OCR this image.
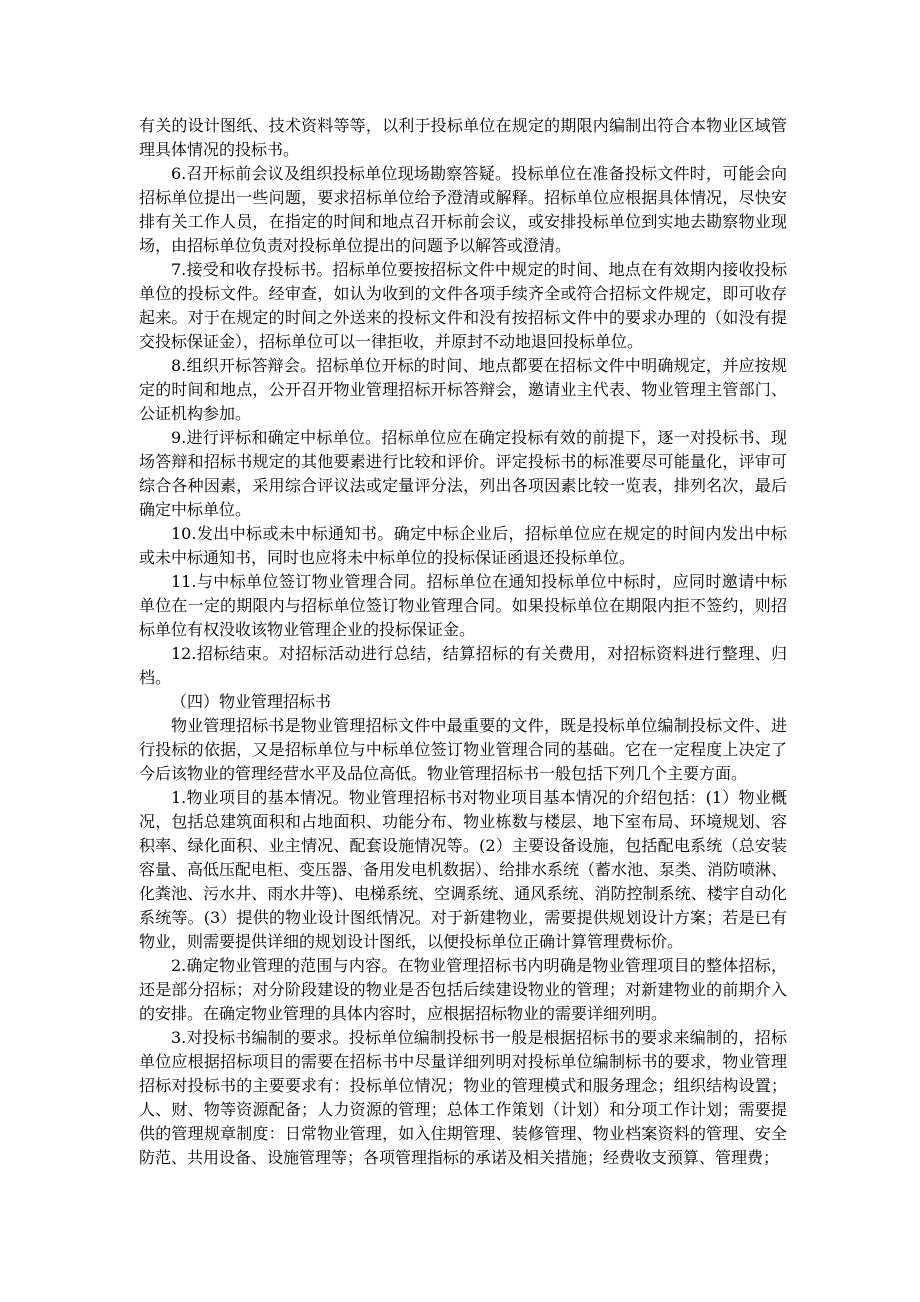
有关的设计图纸、技术资料等等，以利于投标单位在规定的期限内编制出符合本物业区域管理具体情况的投标书。

6.召开标前会议及组织投标单位现场勘察答疑。投标单位在准备投标文件时，可能会向招标单位提出一些问题，要求招标单位给予澄清或解释。招标单位应根据具体情况，尽快安排有关工作人员，在指定的时间和地点召开标前会议，或安排投标单位到实地去勘察物业现场，由招标单位负责对投标单位提出的问题予以解答或澄清。

7.接受和收存投标书。招标单位要按招标文件中规定的时间、地点在有效期内接收投标单位的投标文件。经审查，如认为收到的文件各项手续齐全或符合招标文件规定，即可收存起来。对于在规定的时间之外送来的投标文件和没有按招标文件中的要求办理的（如没有提交投标保证金），招标单位可以一律拒收，并原封不动地退回投标单位。

8.组织开标答辩会。招标单位开标的时间、地点都要在招标文件中明确规定，并应按规定的时间和地点，公开召开物业管理招标开标答辩会，邀请业主代表、物业管理主管部门、公证机构参加。

9.进行评标和确定中标单位。招标单位应在确定投标有效的前提下，逐一对投标书、现场答辩和招标书规定的其他要素进行比较和评价。评定投标书的标准要尽可能量化，评审可综合各种因素，采用综合评议法或定量评分法，列出各项因素比较一览表，排列名次，最后确定中标单位。

10.发出中标或未中标通知书。确定中标企业后，招标单位应在规定的时间内发出中标或未中标通知书，同时也应将未中标单位的投标保证函退还投标单位。

11.与中标单位签订物业管理合同。招标单位在通知投标单位中标时，应同时邀请中标单位在一定的期限内与招标单位签订物业管理合同。如果投标单位在期限内拒不签约，则招标单位有权没收该物业管理企业的投标保证金。

12.招标结束。对招标活动进行总结，结算招标的有关费用，对招标资料进行整理、归档。

（四）物业管理招标书

物业管理招标书是物业管理招标文件中最重要的文件，既是投标单位编制投标文件、进行投标的依据，又是招标单位与中标单位签订物业管理合同的基础。它在一定程度上决定了今后该物业的管理经营水平及品位高低。物业管理招标书一般包括下列几个主要方面。

1.物业项目的基本情况。物业管理招标书对物业项目基本情况的介绍包括：(1）物业概况，包括总建筑面积和占地面积、功能分布、物业栋数与楼层、地下室布局、环境规划、容积率、绿化面积、业主情况、配套设施情况等。(2）主要设备设施，包括配电系统（总安装容量、高低压配电柜、变压器、备用发电机数据）、给排水系统（蓄水池、泵类、消防喷淋、化粪池、污水井、雨水井等)、电梯系统、空调系统、通风系统、消防控制系统、楼宇自动化系统等。(3）提供的物业设计图纸情况。对于新建物业，需要提供规划设计方案；若是已有物业，则需要提供详细的规划设计图纸，以便投标单位正确计算管理费标价。

2.确定物业管理的范围与内容。在物业管理招标书内明确是物业管理项目的整体招标，还是部分招标；对分阶段建设的物业是否包括后续建设物业的管理；对新建物业的前期介入的安排。在确定物业管理的具体内容时，应根据招标物业的需要详细列明。

3.对投标书编制的要求。投标单位编制投标书一般是根据招标书的要求来编制的，招标单位应根据招标项目的需要在招标书中尽量详细列明对投标单位编制标书的要求，物业管理招标对投标书的主要要求有：投标单位情况；物业的管理模式和服务理念；组织结构设置；人、财、物等资源配备；人力资源的管理；总体工作策划（计划）和分项工作计划；需要提供的管理规章制度：日常物业管理，如入住期管理、装修管理、物业档案资料的管理、安全防范、共用设备、设施管理等；各项管理指标的承诺及相关措施；经费收支预算、管理费；
